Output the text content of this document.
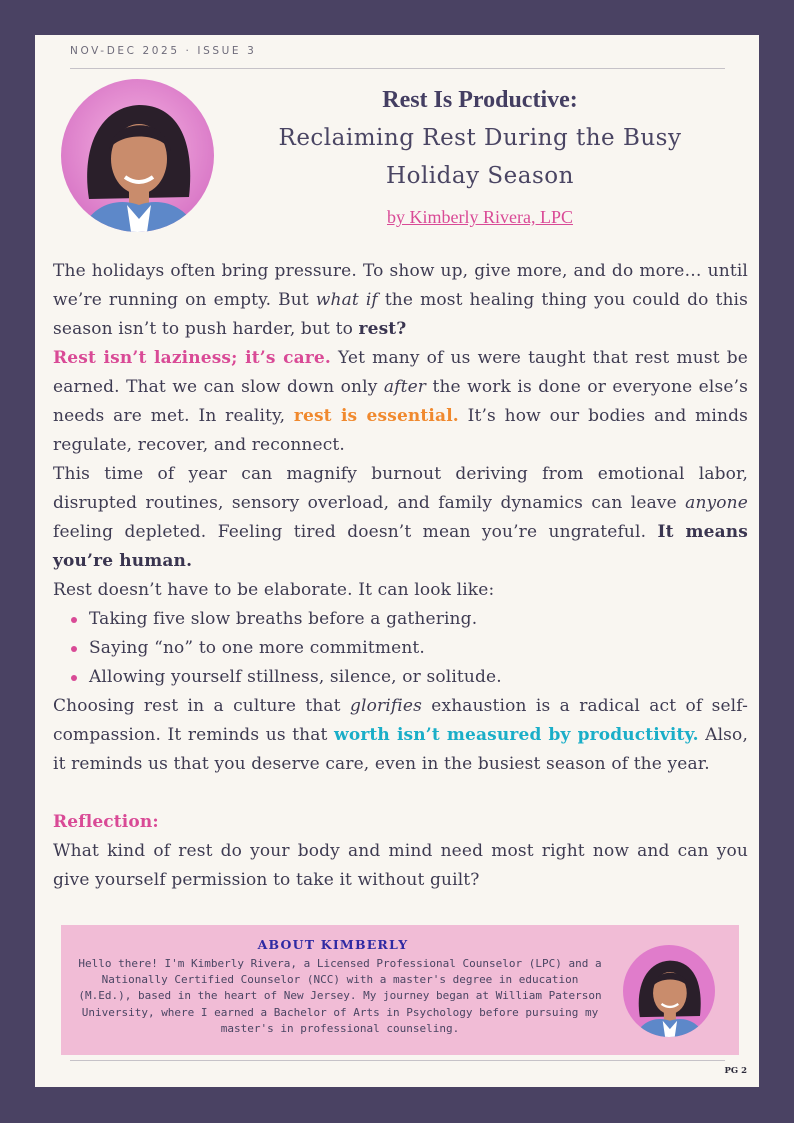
NOV-DEC 2025 · ISSUE 3
Rest Is Productive:
Reclaiming Rest During the Busy Holiday Season
by Kimberly Rivera, LPC

The holidays often bring pressure. To show up, give more, and do more… until we’re running on empty. But what if the most healing thing you could do this season isn’t to push harder, but to rest?

Rest isn’t laziness; it’s care. Yet many of us were taught that rest must be earned. That we can slow down only after the work is done or everyone else’s needs are met. In reality, rest is essential. It’s how our bodies and minds regulate, recover, and reconnect.

This time of year can magnify burnout deriving from emotional labor, disrupted routines, sensory overload, and family dynamics can leave anyone feeling depleted. Feeling tired doesn’t mean you’re ungrateful. It means you’re human.

Rest doesn’t have to be elaborate. It can look like:

Taking five slow breaths before a gathering.
Saying “no” to one more commitment.
Allowing yourself stillness, silence, or solitude.

Choosing rest in a culture that glorifies exhaustion is a radical act of self-compassion. It reminds us that worth isn’t measured by productivity. Also, it reminds us that you deserve care, even in the busiest season of the year.

Reflection:

What kind of rest do your body and mind need most right now and can you give yourself permission to take it without guilt?

ABOUT KIMBERLY
Hello there! I'm Kimberly Rivera, a Licensed Professional Counselor (LPC) and a Nationally Certified Counselor (NCC) with a master's degree in education (M.Ed.), based in the heart of New Jersey. My journey began at William Paterson University, where I earned a Bachelor of Arts in Psychology before pursuing my master's in professional counseling.
PG 2
